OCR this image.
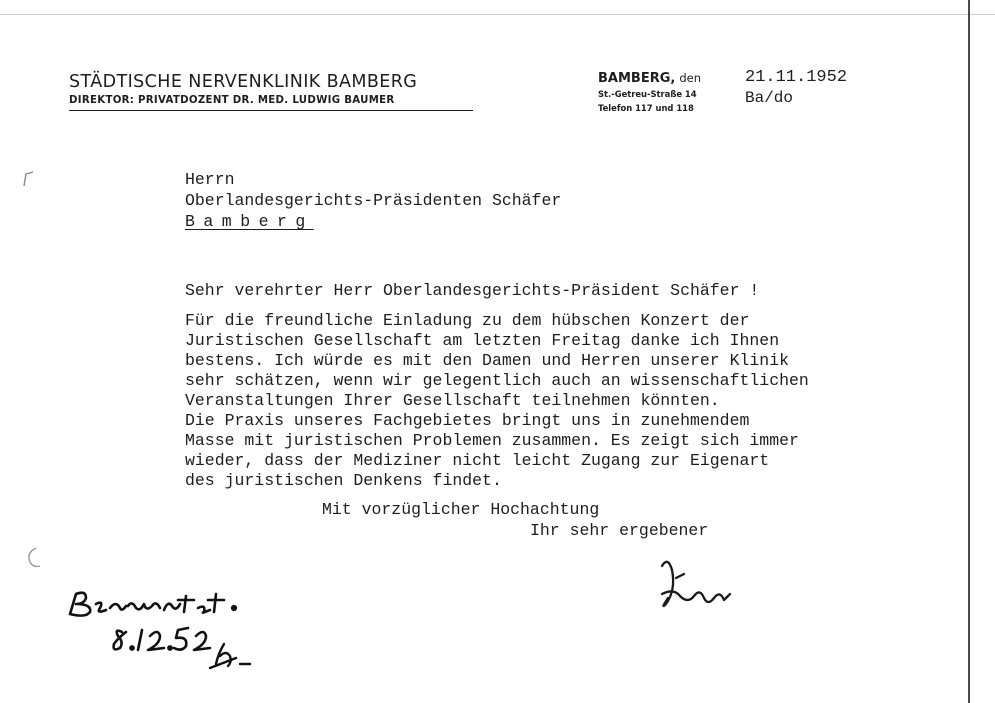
STÄDTISCHE NERVENKLINIK BAMBERG
DIREKTOR: PRIVATDOZENT DR. MED. LUDWIG BAUMER
BAMBERG, den
St.-Getreu-Straße 14
Telefon 117 und 118
21.11.1952
Ba/do
Herrn
Oberlandesgerichts-Präsidenten Schäfer
Bamberg
Sehr verehrter Herr Oberlandesgerichts-Präsident Schäfer !
Für die freundliche Einladung zu dem hübschen Konzert der
Juristischen Gesellschaft am letzten Freitag danke ich Ihnen
bestens. Ich würde es mit den Damen und Herren unserer Klinik
sehr schätzen, wenn wir gelegentlich auch an wissenschaftlichen
Veranstaltungen Ihrer Gesellschaft teilnehmen könnten.
Die Praxis unseres Fachgebietes bringt uns in zunehmendem
Masse mit juristischen Problemen zusammen. Es zeigt sich immer
wieder, dass der Mediziner nicht leicht Zugang zur Eigenart
des juristischen Denkens findet.
Mit vorzüglicher Hochachtung
Ihr sehr ergebener
